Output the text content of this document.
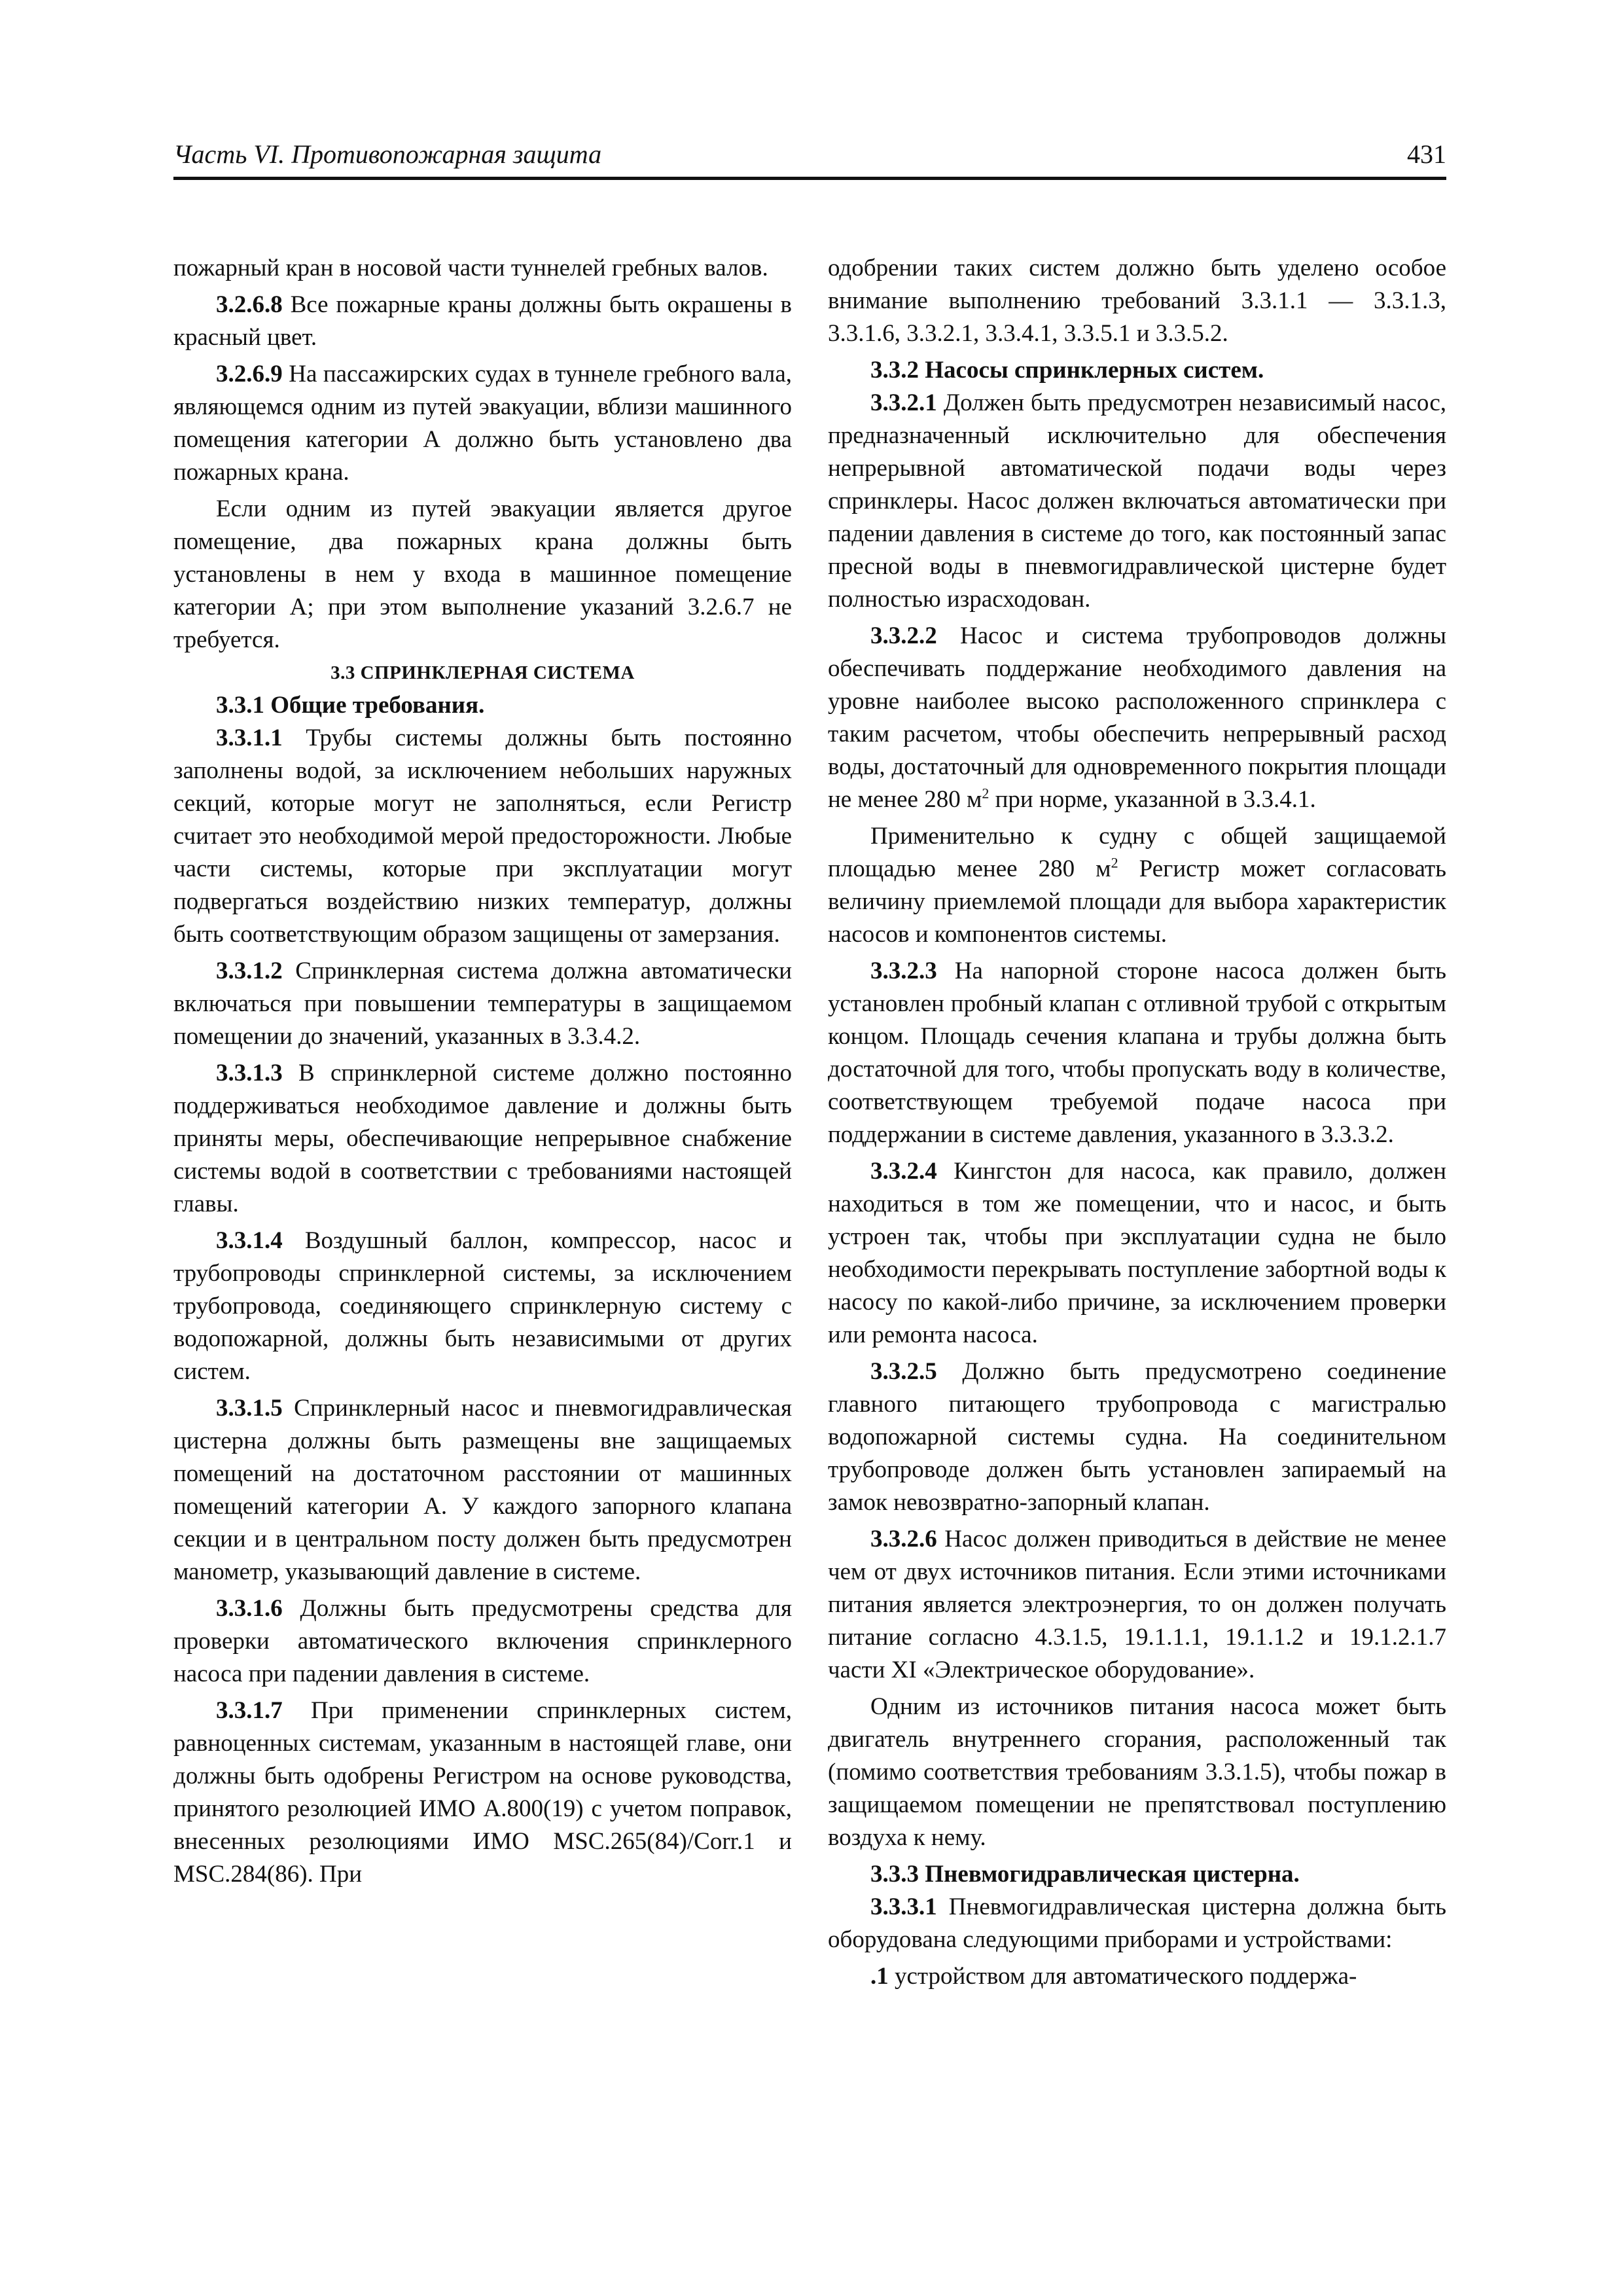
Часть VI. Противопожарная защита	431

пожарный кран в носовой части туннелей гребных валов.

3.2.6.8 Все пожарные краны должны быть окрашены в красный цвет.

3.2.6.9 На пассажирских судах в туннеле гребного вала, являющемся одним из путей эвакуации, вблизи машинного помещения категории А должно быть установлено два пожарных крана.

Если одним из путей эвакуации является другое помещение, два пожарных крана должны быть установлены в нем у входа в машинное помещение категории А; при этом выполнение указаний 3.2.6.7 не требуется.

3.3 СПРИНКЛЕРНАЯ СИСТЕМА

3.3.1 Общие требования.

3.3.1.1 Трубы системы должны быть постоянно заполнены водой, за исключением небольших наружных секций, которые могут не заполняться, если Регистр считает это необходимой мерой предосторожности. Любые части системы, которые при эксплуатации могут подвергаться воздействию низких температур, должны быть соответствующим образом защищены от замерзания.

3.3.1.2 Спринклерная система должна автоматически включаться при повышении температуры в защищаемом помещении до значений, указанных в 3.3.4.2.

3.3.1.3 В спринклерной системе должно постоянно поддерживаться необходимое давление и должны быть приняты меры, обеспечивающие непрерывное снабжение системы водой в соответствии с требованиями настоящей главы.

3.3.1.4 Воздушный баллон, компрессор, насос и трубопроводы спринклерной системы, за исключением трубопровода, соединяющего спринклерную систему с водопожарной, должны быть независимыми от других систем.

3.3.1.5 Спринклерный насос и пневмогидравлическая цистерна должны быть размещены вне защищаемых помещений на достаточном расстоянии от машинных помещений категории А. У каждого запорного клапана секции и в центральном посту должен быть предусмотрен манометр, указывающий давление в системе.

3.3.1.6 Должны быть предусмотрены средства для проверки автоматического включения спринклерного насоса при падении давления в системе.

3.3.1.7 При применении спринклерных систем, равноценных системам, указанным в настоящей главе, они должны быть одобрены Регистром на основе руководства, принятого резолюцией ИМО А.800(19) с учетом поправок, внесенных резолюциями ИМО MSC.265(84)/Corr.1 и MSC.284(86). При

одобрении таких систем должно быть уделено особое внимание выполнению требований 3.3.1.1 — 3.3.1.3, 3.3.1.6, 3.3.2.1, 3.3.4.1, 3.3.5.1 и 3.3.5.2.

3.3.2 Насосы спринклерных систем.

3.3.2.1 Должен быть предусмотрен независимый насос, предназначенный исключительно для обеспечения непрерывной автоматической подачи воды через спринклеры. Насос должен включаться автоматически при падении давления в системе до того, как постоянный запас пресной воды в пневмогидравлической цистерне будет полностью израсходован.

3.3.2.2 Насос и система трубопроводов должны обеспечивать поддержание необходимого давления на уровне наиболее высоко расположенного спринклера с таким расчетом, чтобы обеспечить непрерывный расход воды, достаточный для одновременного покрытия площади не менее 280 $м^2$ при норме, указанной в 3.3.4.1.

Применительно к судну с общей защищаемой площадью менее 280 $м^2$ Регистр может согласовать величину приемлемой площади для выбора характеристик насосов и компонентов системы.

3.3.2.3 На напорной стороне насоса должен быть установлен пробный клапан с отливной трубой с открытым концом. Площадь сечения клапана и трубы должна быть достаточной для того, чтобы пропускать воду в количестве, соответствующем требуемой подаче насоса при поддержании в системе давления, указанного в 3.3.3.2.

3.3.2.4 Кингстон для насоса, как правило, должен находиться в том же помещении, что и насос, и быть устроен так, чтобы при эксплуатации судна не было необходимости перекрывать поступление забортной воды к насосу по какой-либо причине, за исключением проверки или ремонта насоса.

3.3.2.5 Должно быть предусмотрено соединение главного питающего трубопровода с магистралью водопожарной системы судна. На соединительном трубопроводе должен быть установлен запираемый на замок невозвратно-запорный клапан.

3.3.2.6 Насос должен приводиться в действие не менее чем от двух источников питания. Если этими источниками питания является электроэнергия, то он должен получать питание согласно 4.3.1.5, 19.1.1.1, 19.1.1.2 и 19.1.2.1.7 части XI «Электрическое оборудование».

Одним из источников питания насоса может быть двигатель внутреннего сгорания, расположенный так (помимо соответствия требованиям 3.3.1.5), чтобы пожар в защищаемом помещении не препятствовал поступлению воздуха к нему.

3.3.3 Пневмогидравлическая цистерна.

3.3.3.1 Пневмогидравлическая цистерна должна быть оборудована следующими приборами и устройствами:

.1 устройством для автоматического поддержа-
